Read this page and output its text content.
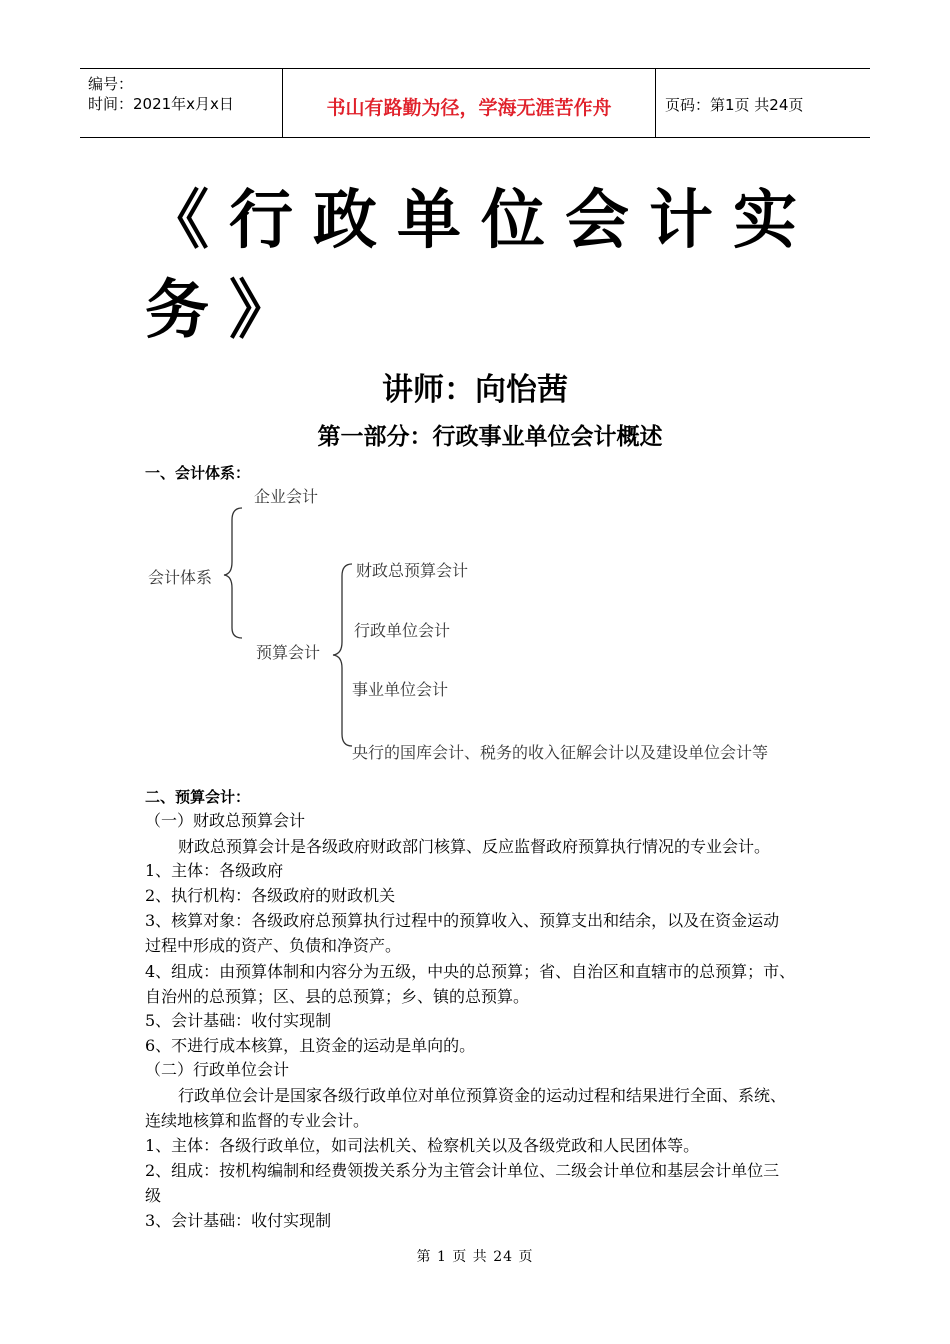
编号：
时间：2021年x月x日	书山有路勤为径，学海无涯苦作舟	页码：第1页 共24页
《行政单位会计实
务》
讲师：向怡茜
第一部分：行政事业单位会计概述
一、会计体系：
会计体系
企业会计
预算会计
财政总预算会计
行政单位会计
事业单位会计
央行的国库会计、税务的收入征解会计以及建设单位会计等
二、预算会计：
（一）财政总预算会计
财政总预算会计是各级政府财政部门核算、反应监督政府预算执行情况的专业会计。
1、主体：各级政府
2、执行机构：各级政府的财政机关
3、核算对象：各级政府总预算执行过程中的预算收入、预算支出和结余，以及在资金运动
过程中形成的资产、负债和净资产。
4、组成：由预算体制和内容分为五级，中央的总预算；省、自治区和直辖市的总预算；市、
自治州的总预算；区、县的总预算；乡、镇的总预算。
5、会计基础：收付实现制
6、不进行成本核算，且资金的运动是单向的。
（二）行政单位会计
行政单位会计是国家各级行政单位对单位预算资金的运动过程和结果进行全面、系统、
连续地核算和监督的专业会计。
1、主体：各级行政单位，如司法机关、检察机关以及各级党政和人民团体等。
2、组成：按机构编制和经费领拨关系分为主管会计单位、二级会计单位和基层会计单位三
级
3、会计基础：收付实现制
第 1 页 共 24 页
